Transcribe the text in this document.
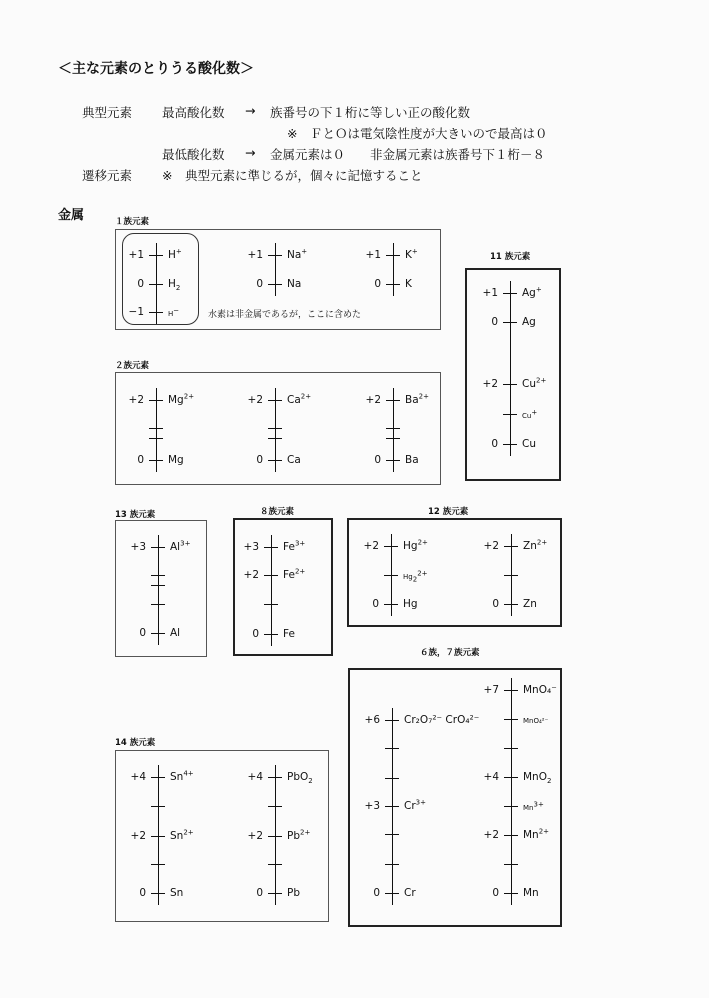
＜主な元素のとりうる酸化数＞
典型元素 最高酸化数 → 族番号の下１桁に等しい正の酸化数
※　ＦとＯは電気陰性度が大きいので最高は０
最低酸化数 → 金属元素は０　　非金属元素は族番号下１桁－８
遷移元素 ※　典型元素に準じるが，個々に記憶すること
金属	１族元素
２族元素
11 族元素
13 族元素	８族元素	12 族元素
14 族元素
６族，７族元素
水素は非金属であるが，ここに含めた
+1 H+
0 $H_2$
−1	H−
+1 Na+
0 Na
+1 K+
0 K
+2 $Mg^{2+}$
0 Mg
+2 $Ca^{2+}$
0 Ca
+2 $Ba^{2+}$
0 Ba
+1 Ag+
0 Ag
+2 $Cu^{2+}$
Cu+
0 Cu
+3 $Al^{3+}$
0 Al
+3 $Fe^{3+}$
+2 $Fe^{2+}$
0 Fe
+2 $Hg^{2+}$
$Hg_2^{2+}$
0 Hg
+2 $Zn^{2+}$
0 Zn
+4 $Sn^{4+}$
+2 $Sn^{2+}$
0 Sn
+4 PbO$_2$
+2 $Pb^{2+}$
0 Pb
+6 Cr₂O₇²⁻ CrO₄²⁻
+3 $Cr^{3+}$
0 Cr
+7 MnO₄⁻
MnO₄²⁻
+4 MnO$_2$
$Mn^{3+}$
+2 $Mn^{2+}$
0 Mn
